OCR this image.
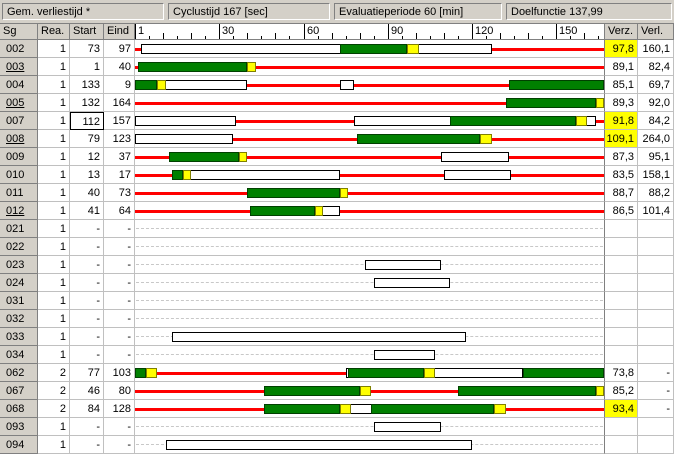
Gem. verliestijd *	Cyclustijd 167 [sec]	Evaluatieperiode 60 [min]	Doelfunctie 137,99
Sg	Rea. Start Eind 1	30	60	90	120	150	Verz. Verl.
002	1	73	97	97,8 160,1
003	1	1	40	89,1	82,4
004	1	133	9	85,1	69,7
005	1	132	164	89,3	92,0
007	1	112	157	91,8	84,2
008	1	79	123	109,1 264,0
009	1	12	37	87,3	95,1
010	1	13	17	83,5 158,1
011	1	40	73	88,7	88,2
012	1	41	64	86,5 101,4
021	1	-	-
022	1	-	-
023	1	-	-
024	1	-	-
031	1	-	-
032	1	-	-
033	1	-	-
034	1	-	-
062	2	77	103	73,8	-
067	2	46	80	85,2	-
068	2	84	128	93,4	-
093	1	-	-
094	1	-	-
